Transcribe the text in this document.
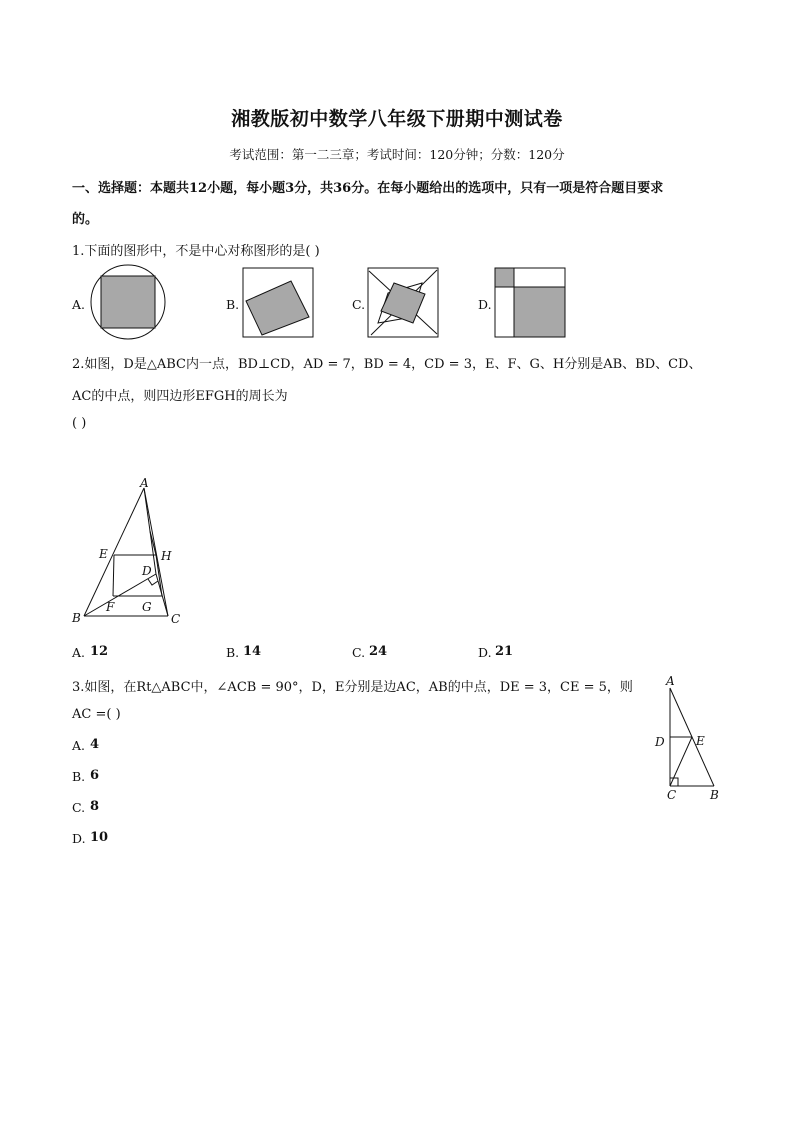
湘教版初中数学八年级下册期中测试卷
考试范围：第一二三章；考试时间：120分钟；分数：120分
一、选择题：本题共12小题，每小题3分，共36分。在每小题给出的选项中，只有一项是符合题目要求
的。
1.下面的图形中，不是中心对称图形的是( )
A.	B.	C.	D.
2.如图，D是△ABC内一点，BD⊥CD，AD = 7，BD = 4，CD = 3，E、F、G、H分别是AB、BD、CD、
AC的中点，则四边形EFGH的周长为
( )
A
B	C
D
E
F G
H
A. 12	B. 14	C. 24	D. 21
3.如图，在Rt△ABC中，∠ACB = 90°，D，E分别是边AC，AB的中点，DE = 3，CE = 5，则
AC =( )
A
D	E
C	B
A. 4
B. 6
C. 8
D. 10
